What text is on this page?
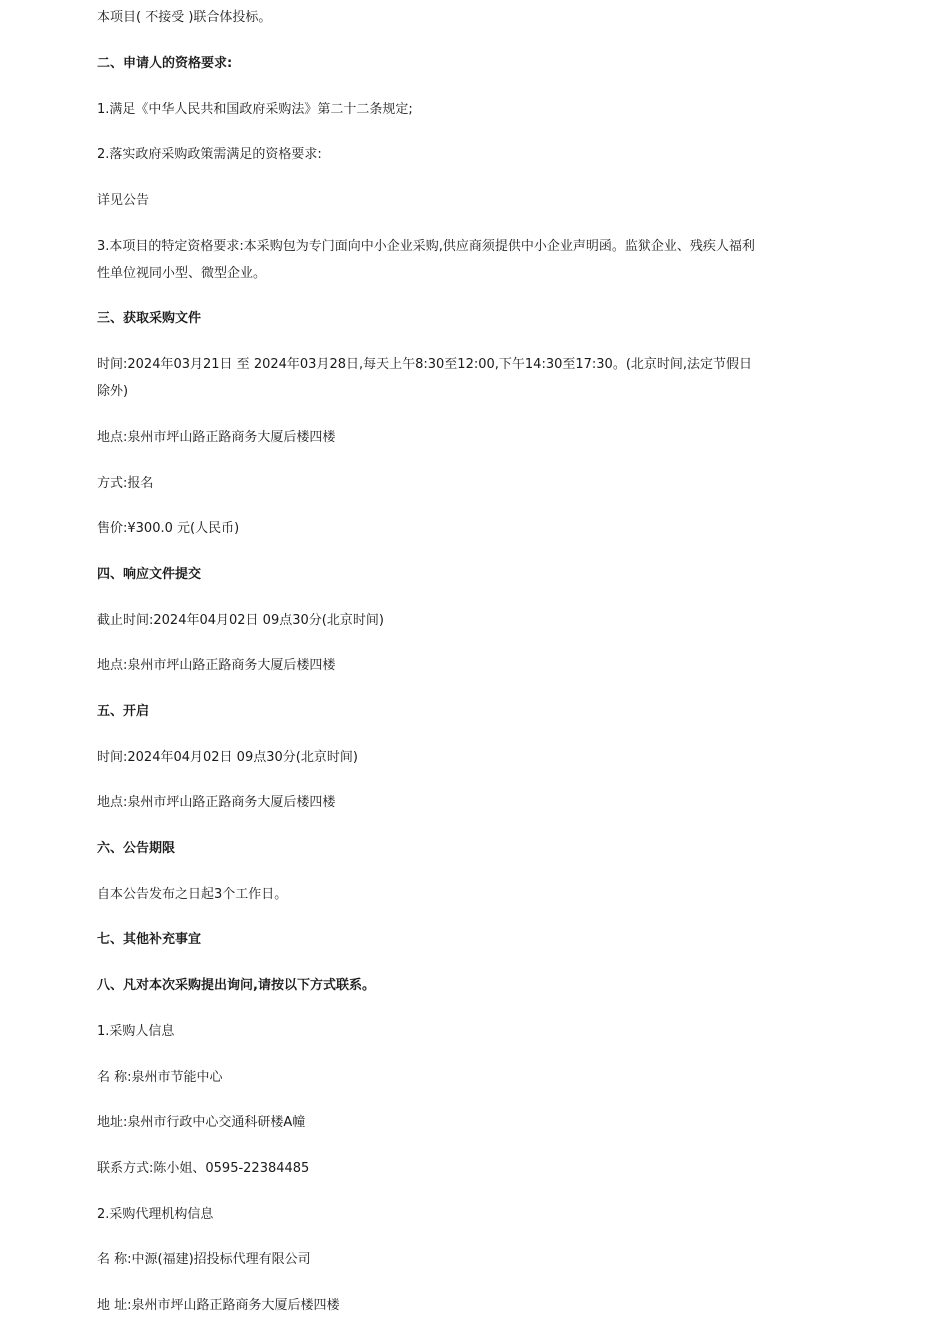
本项目( 不接受 )联合体投标。
二、申请人的资格要求:
1.满足《中华人民共和国政府采购法》第二十二条规定;
2.落实政府采购政策需满足的资格要求:
详见公告
3.本项目的特定资格要求:本采购包为专门面向中小企业采购,供应商须提供中小企业声明函。监狱企业、残疾人福利性单位视同小型、微型企业。
三、获取采购文件
时间:2024年03月21日 至 2024年03月28日,每天上午8:30至12:00,下午14:30至17:30。(北京时间,法定节假日除外)
地点:泉州市坪山路正路商务大厦后楼四楼
方式:报名
售价:¥300.0 元(人民币)
四、响应文件提交
截止时间:2024年04月02日 09点30分(北京时间)
地点:泉州市坪山路正路商务大厦后楼四楼
五、开启
时间:2024年04月02日 09点30分(北京时间)
地点:泉州市坪山路正路商务大厦后楼四楼
六、公告期限
自本公告发布之日起3个工作日。
七、其他补充事宜
八、凡对本次采购提出询问,请按以下方式联系。
1.采购人信息
名 称:泉州市节能中心
地址:泉州市行政中心交通科研楼A幢
联系方式:陈小姐、0595-22384485
2.采购代理机构信息
名 称:中源(福建)招投标代理有限公司
地 址:泉州市坪山路正路商务大厦后楼四楼
